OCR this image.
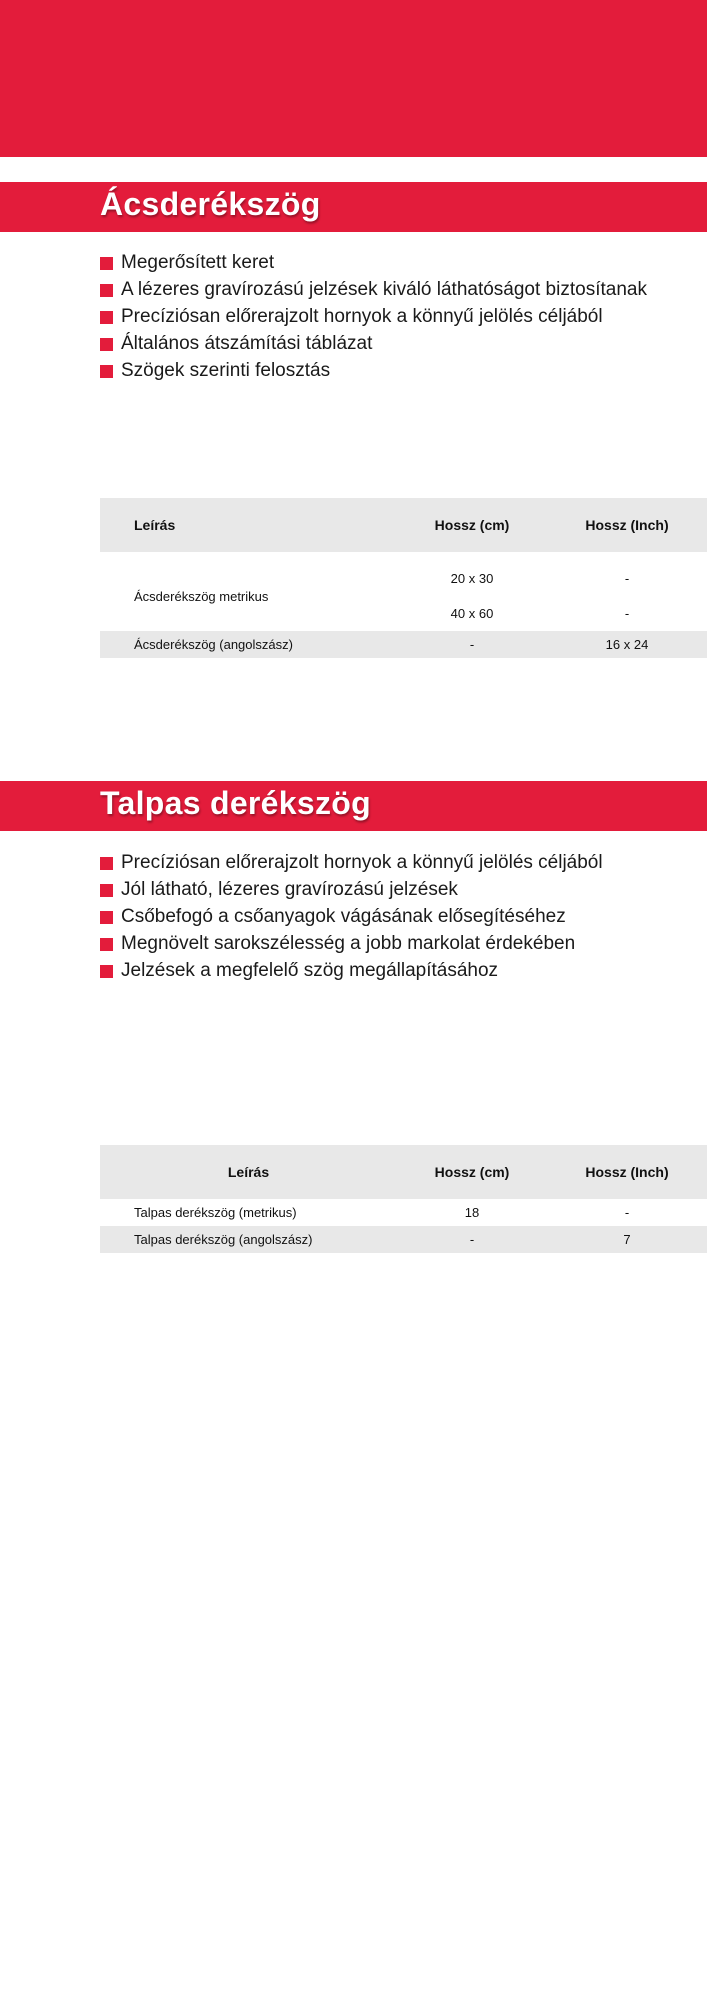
Ácsderékszög
Megerősített keret
A lézeres gravírozású jelzések kiváló láthatóságot biztosítanak
Precíziósan előrerajzolt hornyok a könnyű jelölés céljából
Általános átszámítási táblázat
Szögek szerinti felosztás
Leírás	Hossz (cm)	Hossz (Inch)

Ácsderékszög metrikus	20 x 30	-
	40 x 60	-
Ácsderékszög (angolszász)	-	16 x 24
Talpas derékszög
Precíziósan előrerajzolt hornyok a könnyű jelölés céljából
Jól látható, lézeres gravírozású jelzések
Csőbefogó a csőanyagok vágásának elősegítéséhez
Megnövelt sarokszélesség a jobb markolat érdekében
Jelzések a megfelelő szög megállapításához
Leírás	Hossz (cm)	Hossz (Inch)
Talpas derékszög (metrikus)	18	-
Talpas derékszög (angolszász)	-	7
